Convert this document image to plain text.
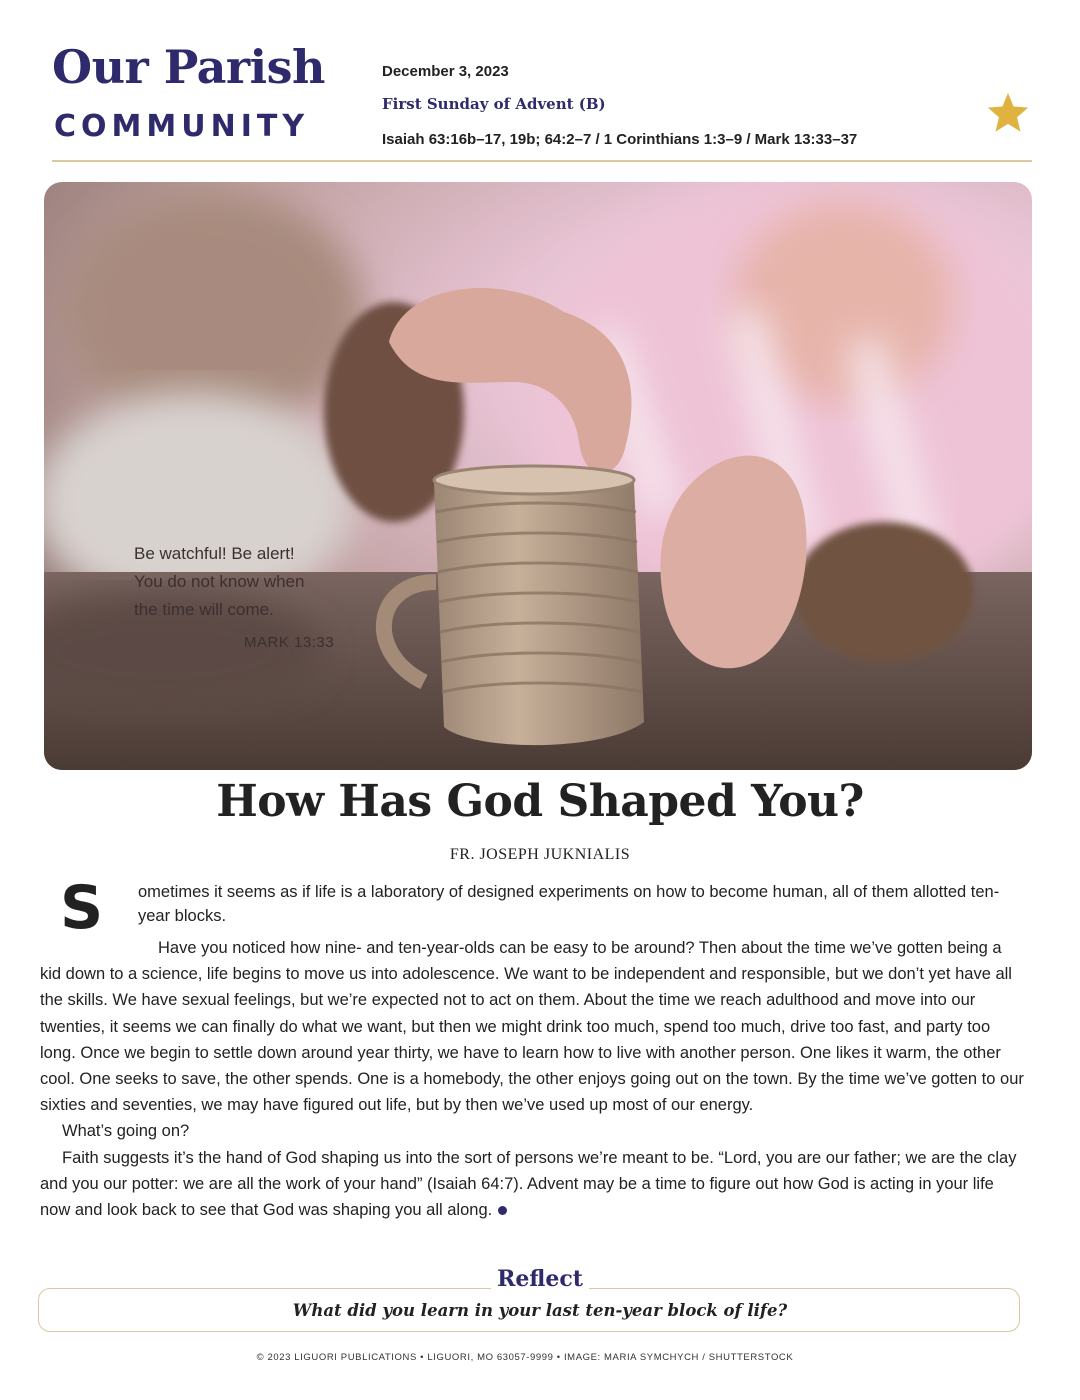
Our Parish
COMMUNITY
December 3, 2023
First Sunday of Advent (B)
Isaiah 63:16b–17, 19b; 64:2–7 / 1 Corinthians 1:3–9 / Mark 13:33–37
Be watchful! Be alert!
You do not know when
the time will come.
MARK 13:33
How Has God Shaped You?
FR. JOSEPH JUKNIALIS
S ometimes it seems as if life is a laboratory of designed experiments on how to become human, all of them allotted ten-year blocks.

Have you noticed how nine- and ten-year-olds can be easy to be around? Then about the time we’ve gotten being a kid down to a science, life begins to move us into adolescence. We want to be independent and responsible, but we don’t yet have all the skills. We have sexual feelings, but we’re expected not to act on them. About the time we reach adulthood and move into our twenties, it seems we can finally do what we want, but then we might drink too much, spend too much, drive too fast, and party too long. Once we begin to settle down around year thirty, we have to learn how to live with another person. One likes it warm, the other cool. One seeks to save, the other spends. One is a homebody, the other enjoys going out on the town. By the time we’ve gotten to our sixties and seventies, we may have figured out life, but by then we’ve used up most of our energy.

What’s going on?

Faith suggests it’s the hand of God shaping us into the sort of persons we’re meant to be. “Lord, you are our father; we are the clay and you our potter: we are all the work of your hand” (Isaiah 64:7). Advent may be a time to figure out how God is acting in your life now and look back to see that God was shaping you all along.

Reflect
What did you learn in your last ten-year block of life?
© 2023 LIGUORI PUBLICATIONS • LIGUORI, MO 63057-9999 • IMAGE: MARIA SYMCHYCH / SHUTTERSTOCK
